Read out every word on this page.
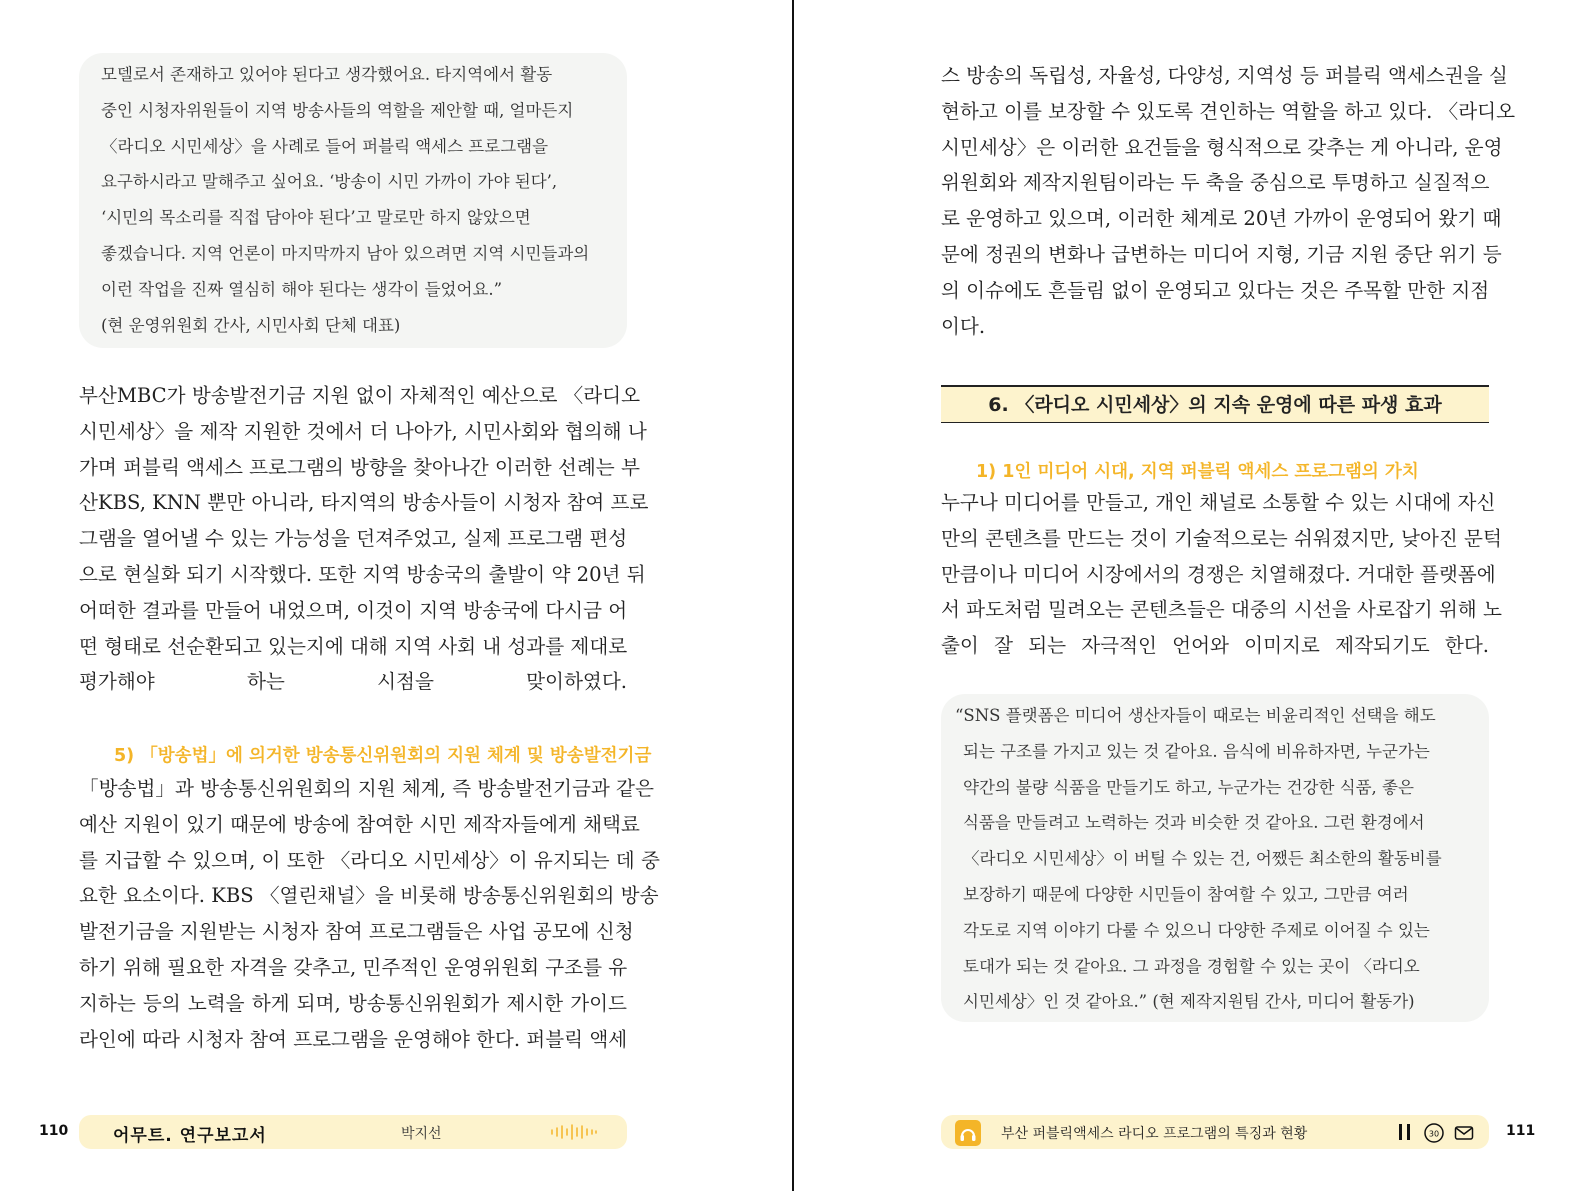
모델로서 존재하고 있어야 된다고 생각했어요. 타지역에서 활동

중인 시청자위원들이 지역 방송사들의 역할을 제안할 때, 얼마든지

〈라디오 시민세상〉을 사례로 들어 퍼블릭 액세스 프로그램을

요구하시라고 말해주고 싶어요. ‘방송이 시민 가까이 가야 된다’,

‘시민의 목소리를 직접 담아야 된다’고 말로만 하지 않았으면

좋겠습니다. 지역 언론이 마지막까지 남아 있으려면 지역 시민들과의

이런 작업을 진짜 열심히 해야 된다는 생각이 들었어요.”

(현 운영위원회 간사, 시민사회 단체 대표)

부산MBC가 방송발전기금 지원 없이 자체적인 예산으로 〈라디오

시민세상〉을 제작 지원한 것에서 더 나아가, 시민사회와 협의해 나

가며 퍼블릭 액세스 프로그램의 방향을 찾아나간 이러한 선례는 부

산KBS, KNN 뿐만 아니라, 타지역의 방송사들이 시청자 참여 프로

그램을 열어낼 수 있는 가능성을 던져주었고, 실제 프로그램 편성

으로 현실화 되기 시작했다. 또한 지역 방송국의 출발이 약 20년 뒤

어떠한 결과를 만들어 내었으며, 이것이 지역 방송국에 다시금 어

떤 형태로 선순환되고 있는지에 대해 지역 사회 내 성과를 제대로

평가해야 하는 시점을 맞이하였다.

5) 「방송법」에 의거한 방송통신위원회의 지원 체계 및 방송발전기금

「방송법」과 방송통신위원회의 지원 체계, 즉 방송발전기금과 같은

예산 지원이 있기 때문에 방송에 참여한 시민 제작자들에게 채택료

를 지급할 수 있으며, 이 또한 〈라디오 시민세상〉이 유지되는 데 중

요한 요소이다. KBS 〈열린채널〉을 비롯해 방송통신위원회의 방송

발전기금을 지원받는 시청자 참여 프로그램들은 사업 공모에 신청

하기 위해 필요한 자격을 갖추고, 민주적인 운영위원회 구조를 유

지하는 등의 노력을 하게 되며, 방송통신위원회가 제시한 가이드

라인에 따라 시청자 참여 프로그램을 운영해야 한다. 퍼블릭 액세

110	어무트. 연구보고서	박지선

스 방송의 독립성, 자율성, 다양성, 지역성 등 퍼블릭 액세스권을 실

현하고 이를 보장할 수 있도록 견인하는 역할을 하고 있다. 〈라디오

시민세상〉은 이러한 요건들을 형식적으로 갖추는 게 아니라, 운영

위원회와 제작지원팀이라는 두 축을 중심으로 투명하고 실질적으

로 운영하고 있으며, 이러한 체계로 20년 가까이 운영되어 왔기 때

문에 정권의 변화나 급변하는 미디어 지형, 기금 지원 중단 위기 등

의 이슈에도 흔들림 없이 운영되고 있다는 것은 주목할 만한 지점

이다.

6. 〈라디오 시민세상〉의 지속 운영에 따른 파생 효과
1) 1인 미디어 시대, 지역 퍼블릭 액세스 프로그램의 가치

누구나 미디어를 만들고, 개인 채널로 소통할 수 있는 시대에 자신

만의 콘텐츠를 만드는 것이 기술적으로는 쉬워졌지만, 낮아진 문턱

만큼이나 미디어 시장에서의 경쟁은 치열해졌다. 거대한 플랫폼에

서 파도처럼 밀려오는 콘텐츠들은 대중의 시선을 사로잡기 위해 노

출이 잘 되는 자극적인 언어와 이미지로 제작되기도 한다.

“SNS 플랫폼은 미디어 생산자들이 때로는 비윤리적인 선택을 해도

되는 구조를 가지고 있는 것 같아요. 음식에 비유하자면, 누군가는

약간의 불량 식품을 만들기도 하고, 누군가는 건강한 식품, 좋은

식품을 만들려고 노력하는 것과 비슷한 것 같아요. 그런 환경에서

〈라디오 시민세상〉이 버틸 수 있는 건, 어쨌든 최소한의 활동비를

보장하기 때문에 다양한 시민들이 참여할 수 있고, 그만큼 여러

각도로 지역 이야기 다룰 수 있으니 다양한 주제로 이어질 수 있는

토대가 되는 것 같아요. 그 과정을 경험할 수 있는 곳이 〈라디오

시민세상〉인 것 같아요.” (현 제작지원팀 간사, 미디어 활동가)

부산 퍼블릭액세스 라디오 프로그램의 특징과 현황	30	111
